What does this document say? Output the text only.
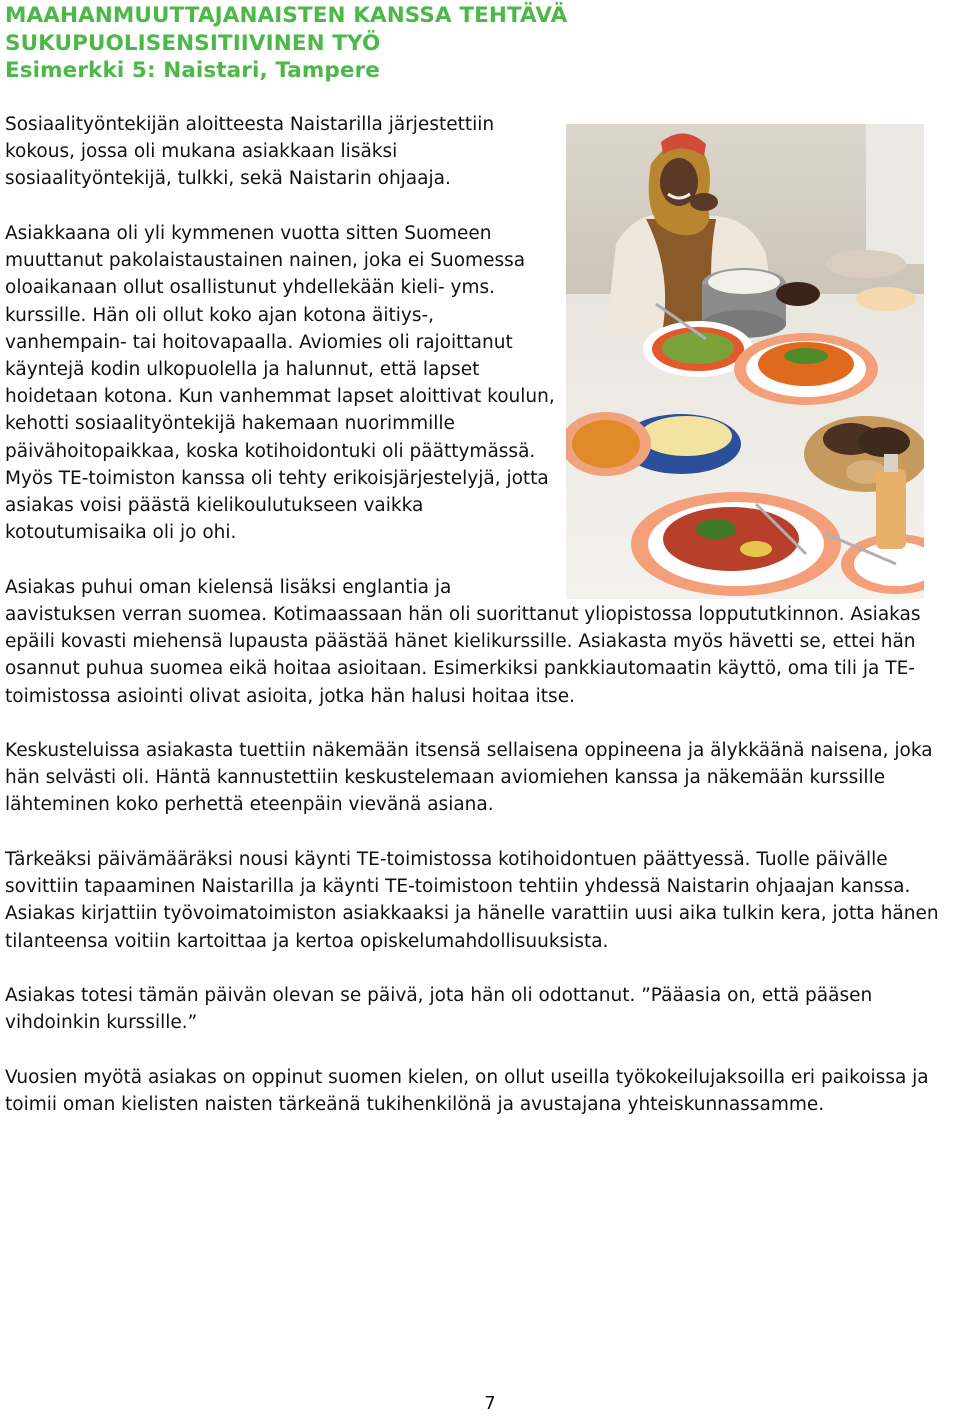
MAAHANMUUTTAJANAISTEN KANSSA TEHTÄVÄ
SUKUPUOLISENSITIIVINEN TYÖ
Esimerkki 5: Naistari, Tampere

Sosiaalityöntekijän aloitteesta Naistarilla järjestettiin kokous, jossa oli mukana asiakkaan lisäksi sosiaalityöntekijä, tulkki, sekä Naistarin ohjaaja.

Asiakkaana oli yli kymmenen vuotta sitten Suomeen muuttanut pakolaistaustainen nainen, joka ei Suomessa oloaikanaan ollut osallistunut yhdellekään kieli- yms. kurssille. Hän oli ollut koko ajan kotona äitiys-, vanhempain- tai hoitovapaalla. Aviomies oli rajoittanut käyntejä kodin ulkopuolella ja halunnut, että lapset hoidetaan kotona. Kun vanhemmat lapset aloittivat koulun, kehotti sosiaalityöntekijä hakemaan nuorimmille päivähoitopaikkaa, koska kotihoidontuki oli päättymässä. Myös TE-toimiston kanssa oli tehty erikoisjärjestelyjä, jotta asiakas voisi päästä kielikoulutukseen vaikka kotoutumisaika oli jo ohi.

Asiakas puhui oman kielensä lisäksi englantia ja

aavistuksen verran suomea. Kotimaassaan hän oli suorittanut yliopistossa loppututkinnon. Asiakas epäili kovasti miehensä lupausta päästää hänet kielikurssille. Asiakasta myös hävetti se, ettei hän osannut puhua suomea eikä hoitaa asioitaan. Esimerkiksi pankkiautomaatin käyttö, oma tili ja TE-toimistossa asiointi olivat asioita, jotka hän halusi hoitaa itse.

Keskusteluissa asiakasta tuettiin näkemään itsensä sellaisena oppineena ja älykkäänä naisena, joka hän selvästi oli. Häntä kannustettiin keskustelemaan aviomiehen kanssa ja näkemään kurssille lähteminen koko perhettä eteenpäin vievänä asiana.

Tärkeäksi päivämääräksi nousi käynti TE-toimistossa kotihoidontuen päättyessä. Tuolle päivälle sovittiin tapaaminen Naistarilla ja käynti TE-toimistoon tehtiin yhdessä Naistarin ohjaajan kanssa. Asiakas kirjattiin työvoimatoimiston asiakkaaksi ja hänelle varattiin uusi aika tulkin kera, jotta hänen tilanteensa voitiin kartoittaa ja kertoa opiskelumahdollisuuksista.

Asiakas totesi tämän päivän olevan se päivä, jota hän oli odottanut. ”Pääasia on, että pääsen vihdoinkin kurssille.”

Vuosien myötä asiakas on oppinut suomen kielen, on ollut useilla työkokeilujaksoilla eri paikoissa ja toimii oman kielisten naisten tärkeänä tukihenkilönä ja avustajana yhteiskunnassamme.

7
